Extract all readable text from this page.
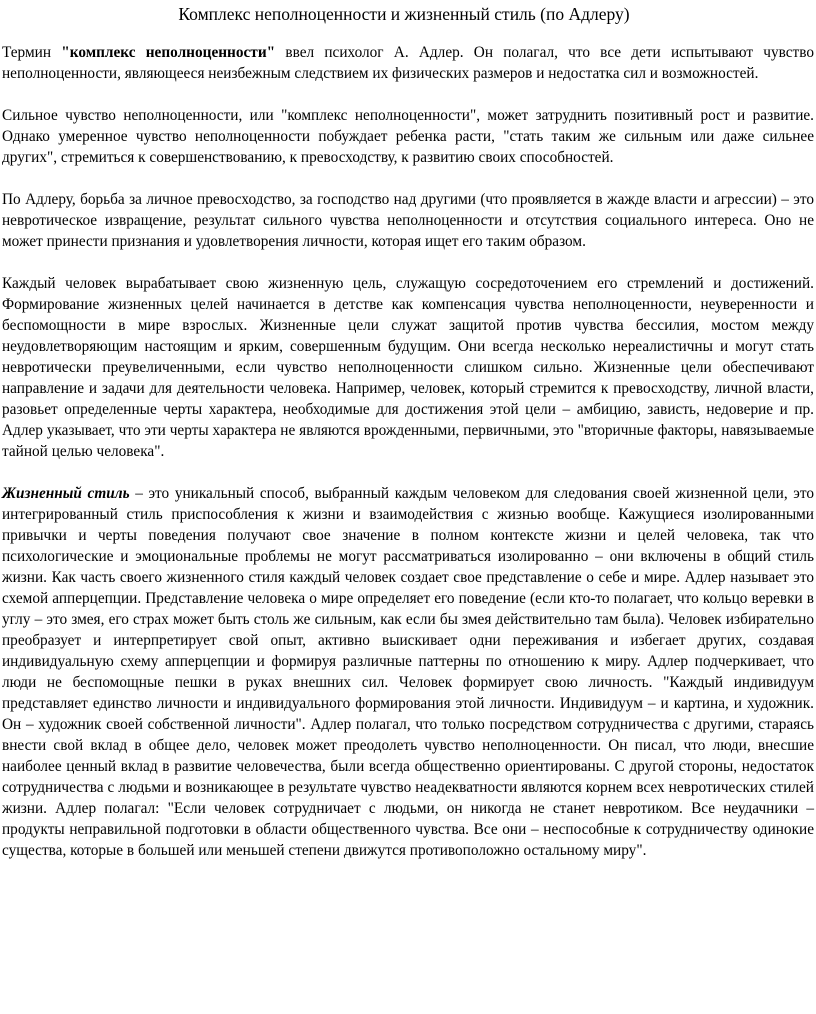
Комплекс неполноценности и жизненный стиль (по Адлеру)

Термин "комплекс неполноценности" ввел психолог А. Адлер. Он полагал, что все дети испытывают чувство неполноценности, являющееся неизбежным следствием их физических размеров и недостатка сил и возможностей.

Сильное чувство неполноценности, или "комплекс неполноценности", может затруднить позитивный рост и развитие. Однако умеренное чувство неполноценности побуждает ребенка расти, "стать таким же сильным или даже сильнее других", стремиться к совершенствованию, к превосходству, к развитию своих способностей.

По Адлеру, борьба за личное превосходство, за господство над другими (что проявляется в жажде власти и агрессии) – это невротическое извращение, результат сильного чувства неполноценности и отсутствия социального интереса. Оно не может принести признания и удовлетворения личности, которая ищет его таким образом.

Каждый человек вырабатывает свою жизненную цель, служащую сосредоточением его стремлений и достижений. Формирование жизненных целей начинается в детстве как компенсация чувства неполноценности, неуверенности и беспомощности в мире взрослых. Жизненные цели служат защитой против чувства бессилия, мостом между неудовлетворяющим настоящим и ярким, совершенным будущим. Они всегда несколько нереалистичны и могут стать невротически преувеличенными, если чувство неполноценности слишком сильно. Жизненные цели обеспечивают направление и задачи для деятельности человека. Например, человек, который стремится к превосходству, личной власти, разовьет определенные черты характера, необходимые для достижения этой цели – амбицию, зависть, недоверие и пр. Адлер указывает, что эти черты характера не являются врожденными, первичными, это "вторичные факторы, навязываемые тайной целью человека".

Жизненный стиль – это уникальный способ, выбранный каждым человеком для следования своей жизненной цели, это интегрированный стиль приспособления к жизни и взаимодействия с жизнью вообще. Кажущиеся изолированными привычки и черты поведения получают свое значение в полном контексте жизни и целей человека, так что психологические и эмоциональные проблемы не могут рассматриваться изолированно – они включены в общий стиль жизни. Как часть своего жизненного стиля каждый человек создает свое представление о себе и мире. Адлер называет это схемой апперцепции. Представление человека о мире определяет его поведение (если кто-то полагает, что кольцо веревки в углу – это змея, его страх может быть столь же сильным, как если бы змея действительно там была). Человек избирательно преобразует и интерпретирует свой опыт, активно выискивает одни переживания и избегает других, создавая индивидуальную схему апперцепции и формируя различные паттерны по отношению к миру. Адлер подчеркивает, что люди не беспомощные пешки в руках внешних сил. Человек формирует свою личность. "Каждый индивидуум представляет единство личности и индивидуального формирования этой личности. Индивидуум – и картина, и художник. Он – художник своей собственной личности". Адлер полагал, что только посредством сотрудничества с другими, стараясь внести свой вклад в общее дело, человек может преодолеть чувство неполноценности. Он писал, что люди, внесшие наиболее ценный вклад в развитие человечества, были всегда общественно ориентированы. С другой стороны, недостаток сотрудничества с людьми и возникающее в результате чувство неадекватности являются корнем всех невротических стилей жизни. Адлер полагал: "Если человек сотрудничает с людьми, он никогда не станет невротиком. Все неудачники – продукты неправильной подготовки в области общественного чувства. Все они – неспособные к сотрудничеству одинокие существа, которые в большей или меньшей степени движутся противоположно остальному миру".
